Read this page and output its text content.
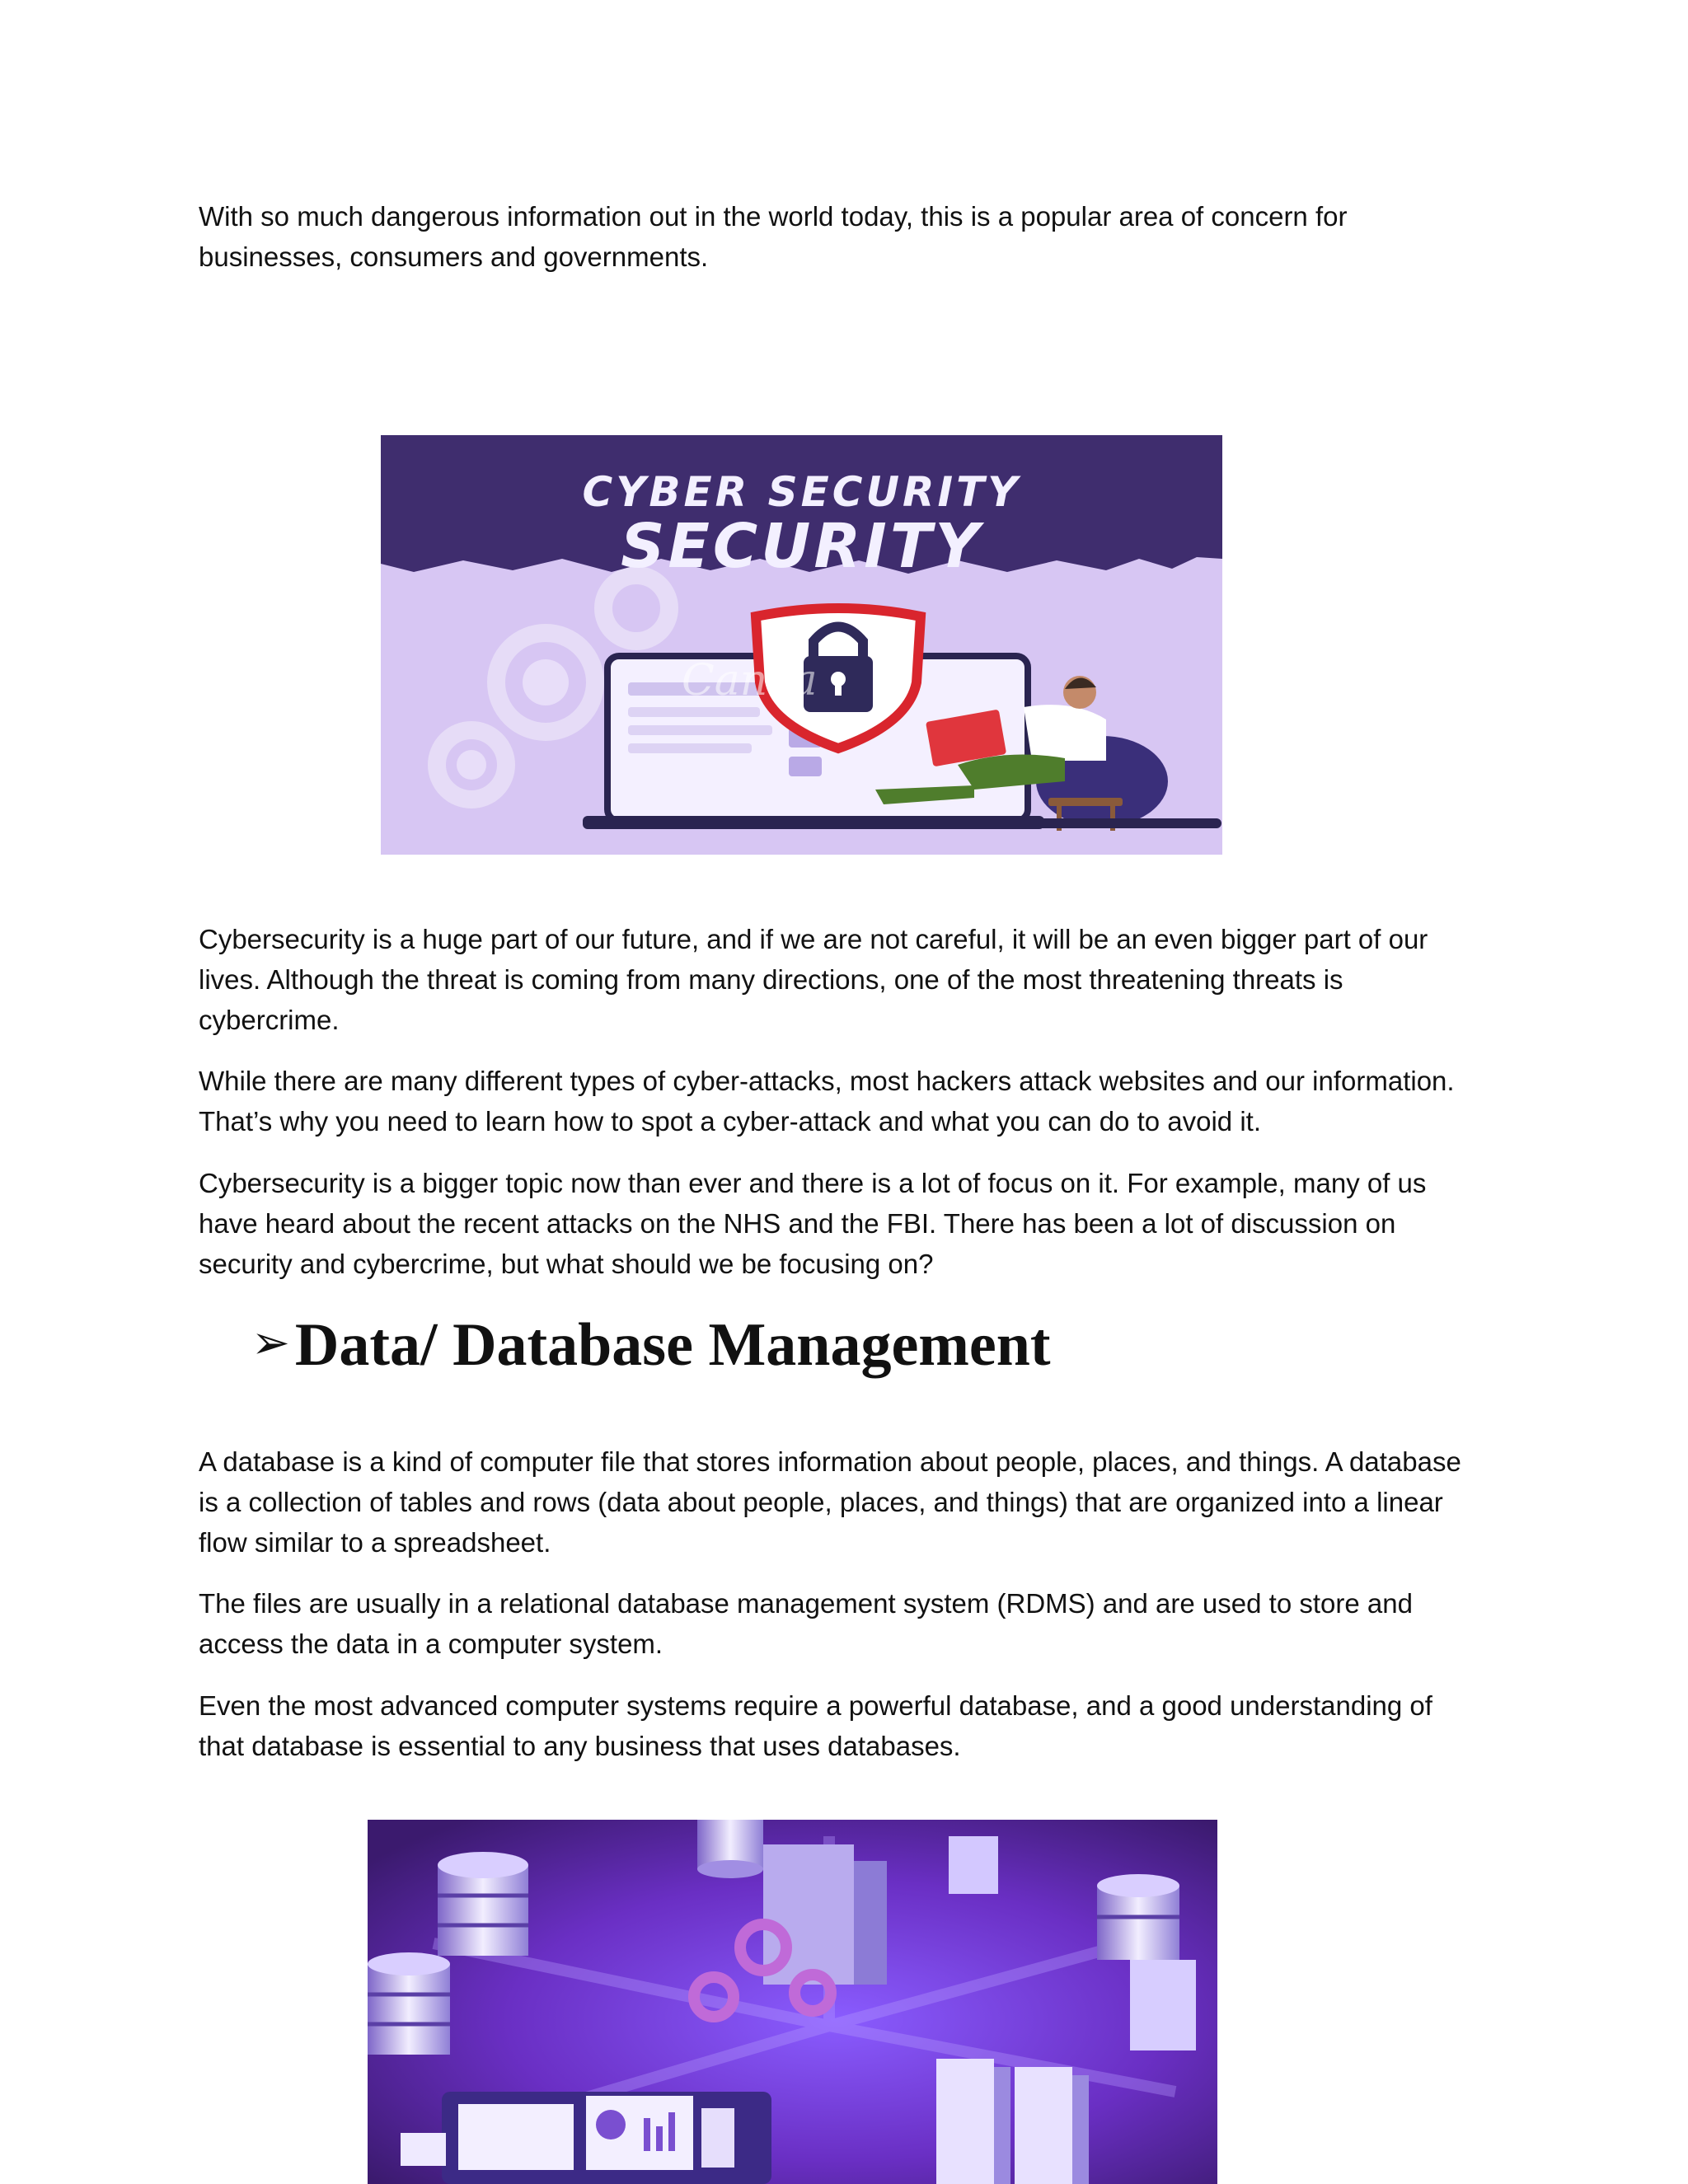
With so much dangerous information out in the world today, this is a popular area of concern for businesses, consumers and governments.

CYBER SECURITY
SECURITY
Canva

Cybersecurity is a huge part of our future, and if we are not careful, it will be an even bigger part of our lives. Although the threat is coming from many directions, one of the most threatening threats is cybercrime.

While there are many different types of cyber-attacks, most hackers attack websites and our information. That’s why you need to learn how to spot a cyber-attack and what you can do to avoid it.

Cybersecurity is a bigger topic now than ever and there is a lot of focus on it. For example, many of us have heard about the recent attacks on the NHS and the FBI. There has been a lot of discussion on security and cybercrime, but what should we be focusing on?

➢Data/ Database Management

A database is a kind of computer file that stores information about people, places, and things. A database is a collection of tables and rows (data about people, places, and things) that are organized into a linear flow similar to a spreadsheet.

The files are usually in a relational database management system (RDMS) and are used to store and access the data in a computer system.

Even the most advanced computer systems require a powerful database, and a good understanding of that database is essential to any business that uses databases.
